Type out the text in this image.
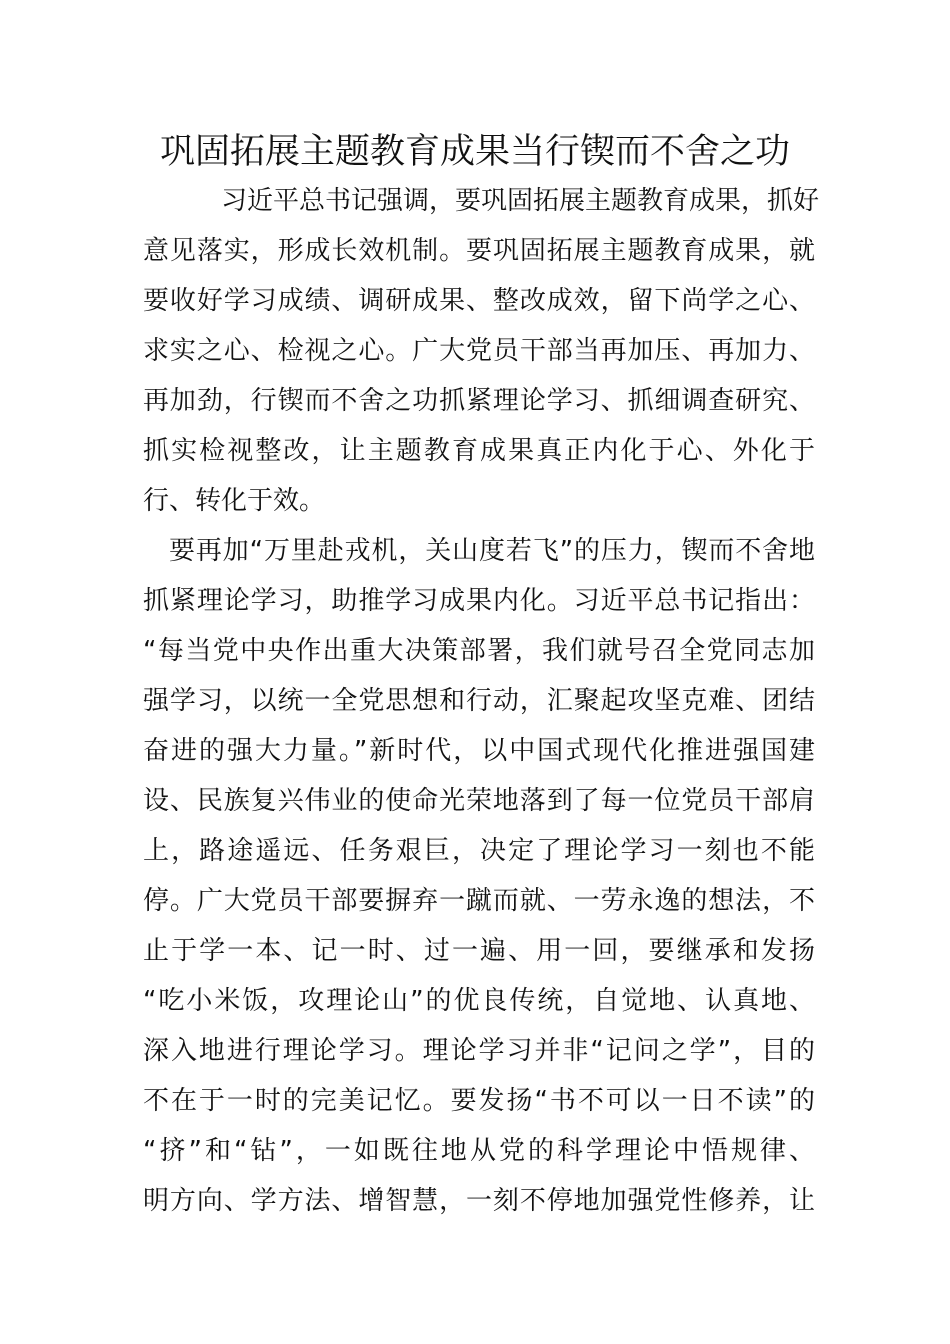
巩固拓展主题教育成果当行锲而不舍之功
习近平总书记强调，要巩固拓展主题教育成果，抓好
意见落实，形成长效机制。要巩固拓展主题教育成果，就
要收好学习成绩、调研成果、整改成效，留下尚学之心、
求实之心、检视之心。广大党员干部当再加压、再加力、
再加劲，行锲而不舍之功抓紧理论学习、抓细调查研究、
抓实检视整改，让主题教育成果真正内化于心、外化于
行、转化于效。
要再加“万里赴戎机，关山度若飞”的压力，锲而不舍地
抓紧理论学习，助推学习成果内化。习近平总书记指出：
“每当党中央作出重大决策部署，我们就号召全党同志加
强学习，以统一全党思想和行动，汇聚起攻坚克难、团结
奋进的强大力量。”新时代，以中国式现代化推进强国建
设、民族复兴伟业的使命光荣地落到了每一位党员干部肩
上，路途遥远、任务艰巨，决定了理论学习一刻也不能
停。广大党员干部要摒弃一蹴而就、一劳永逸的想法，不
止于学一本、记一时、过一遍、用一回，要继承和发扬
“吃小米饭，攻理论山”的优良传统，自觉地、认真地、
深入地进行理论学习。理论学习并非“记问之学”，目的
不在于一时的完美记忆。要发扬“书不可以一日不读”的
“挤”和“钻”，一如既往地从党的科学理论中悟规律、
明方向、学方法、增智慧，一刻不停地加强党性修养，让
